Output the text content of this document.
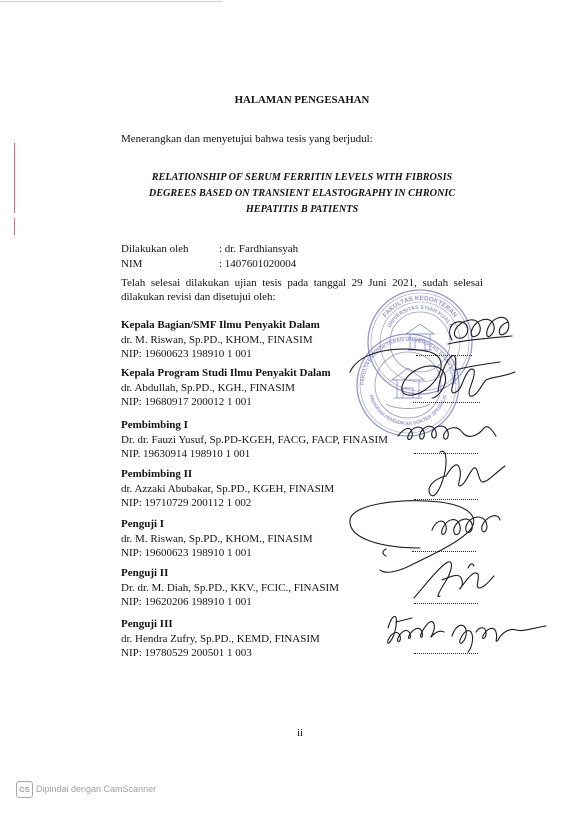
HALAMAN PENGESAHAN
Menerangkan dan menyetujui bahwa tesis yang berjudul:
RELATIONSHIP OF SERUM FERRITIN LEVELS WITH FIBROSIS
DEGREES BASED ON TRANSIENT ELASTOGRAPHY IN CHRONIC
HEPATITIS B PATIENTS
Dilakukan oleh	: dr. Fardhiansyah
NIM	: 1407601020004
Telah selesai dilakukan ujian tesis pada tanggal 29 Juni 2021, sudah selesai
dilakukan revisi dan disetujui oleh:
Kepala Bagian/SMF Ilmu Penyakit Dalam
dr. M. Riswan, Sp.PD., KHOM., FINASIM
NIP: 19600623 198910 1 001
Kepala Program Studi Ilmu Penyakit Dalam
dr. Abdullah, Sp.PD., KGH., FINASIM
NIP: 19680917 200012 1 001
Pembimbing I
Dr. dr. Fauzi Yusuf, Sp.PD-KGEH, FACG, FACP, FINASIM
NIP. 19630914 198910 1 001
Pembimbing II
dr. Azzaki Abubakar, Sp.PD., KGEH, FINASIM
NIP: 19710729 200112 1 002
Penguji I
dr. M. Riswan, Sp.PD., KHOM., FINASIM
NIP: 19600623 198910 1 001
Penguji II
Dr. dr. M. Diah, Sp.PD., KKV., FCIC., FINASIM
NIP: 19620206 198910 1 001
Penguji III
dr. Hendra Zufry, Sp.PD., KEMD, FINASIM
NIP: 19780529 200501 1 003
ii
FAKULTAS KEDOKTERAN
UNIVERSITAS SYIAH KUALA
FAKULTAS KEDOKTERAN UNIVERSITAS SYIAH KUALA
PROGRAM PENDIDIKAN DOKTER SPESIALIS
CS Dipindai dengan CamScanner
